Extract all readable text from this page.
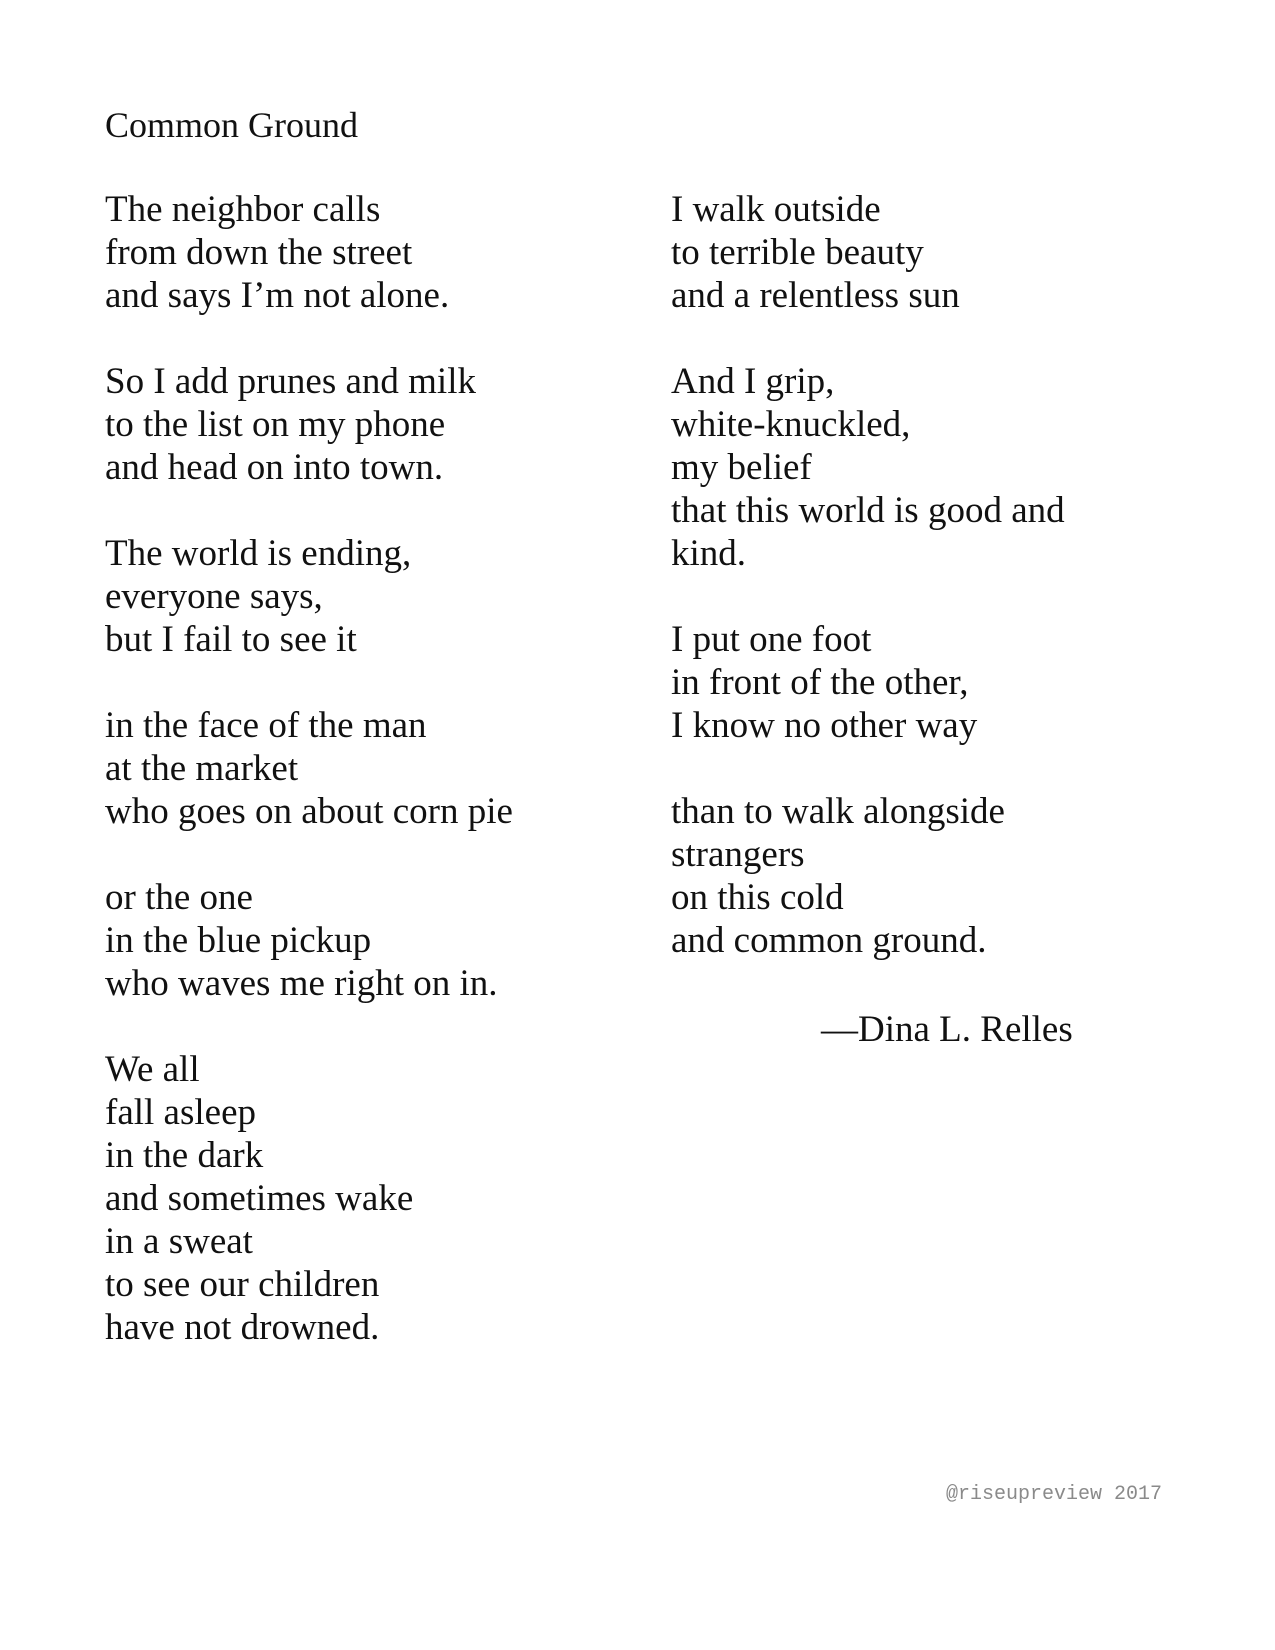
Common Ground
The neighbor calls
from down the street
and says I’m not alone.
So I add prunes and milk
to the list on my phone
and head on into town.
The world is ending,
everyone says,
but I fail to see it
in the face of the man
at the market
who goes on about corn pie
or the one
in the blue pickup
who waves me right on in.
We all
fall asleep
in the dark
and sometimes wake
in a sweat
to see our children
have not drowned.
I walk outside
to terrible beauty
and a relentless sun
And I grip,
white-knuckled,
my belief
that this world is good and
kind.
I put one foot
in front of the other,
I know no other way
than to walk alongside
strangers
on this cold
and common ground.
—Dina L. Relles
@riseupreview 2017
